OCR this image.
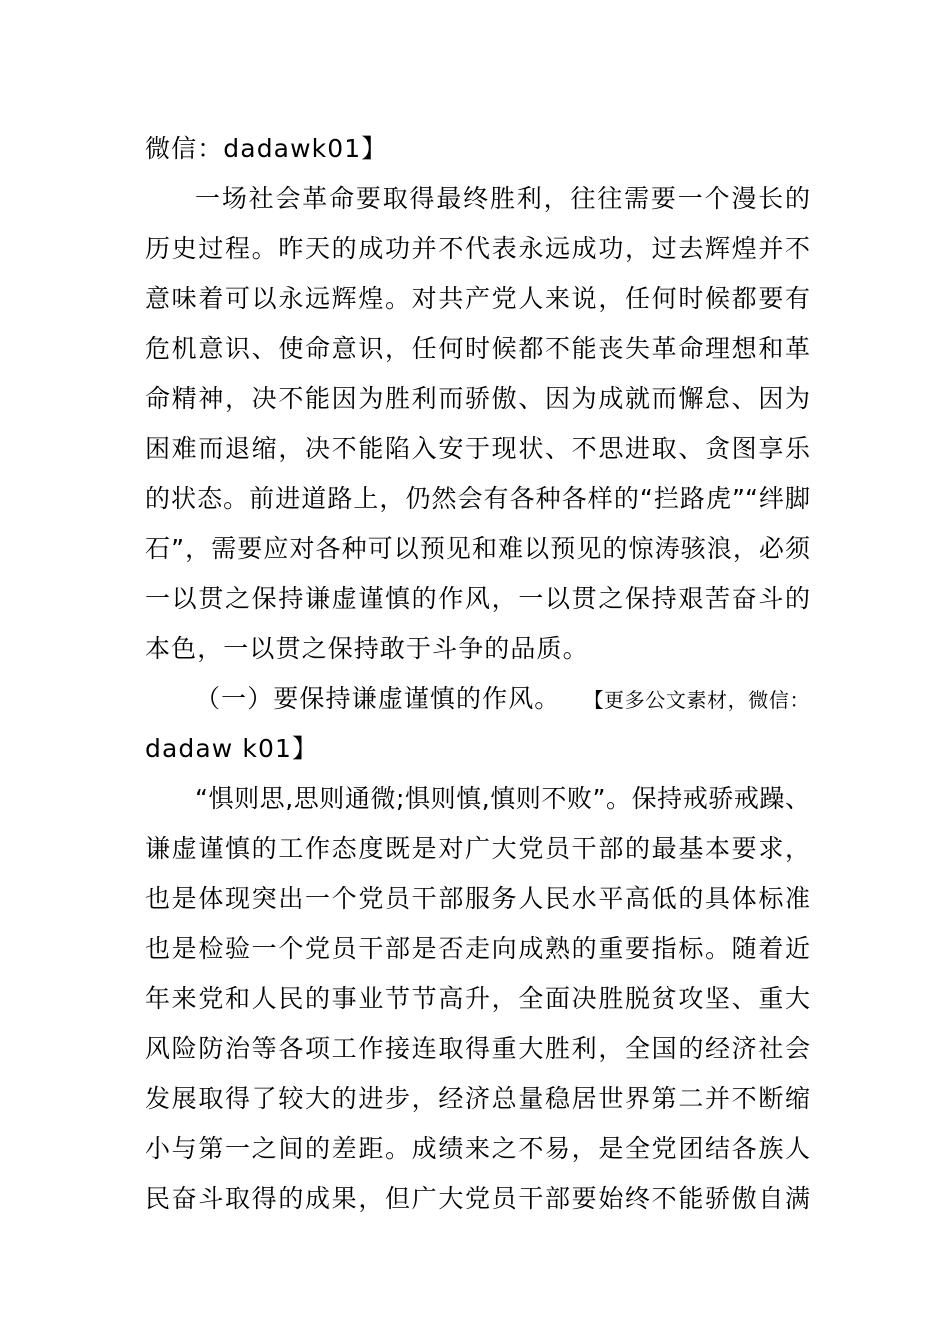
微信：dadawk01】
一场社会革命要取得最终胜利，往往需要一个漫长的
历史过程。昨天的成功并不代表永远成功，过去辉煌并不
意味着可以永远辉煌。对共产党人来说，任何时候都要有
危机意识、使命意识，任何时候都不能丧失革命理想和革
命精神，决不能因为胜利而骄傲、因为成就而懈怠、因为
困难而退缩，决不能陷入安于现状、不思进取、贪图享乐
的状态。前进道路上，仍然会有各种各样的“拦路虎”“绊脚
石”，需要应对各种可以预见和难以预见的惊涛骇浪，必须
一以贯之保持谦虚谨慎的作风，一以贯之保持艰苦奋斗的
本色，一以贯之保持敢于斗争的品质。
（一）要保持谦虚谨慎的作风。 【更多公文素材，微信：
dadaw k01】
“惧则思,思则通微;惧则慎,慎则不败”。保持戒骄戒躁、
谦虚谨慎的工作态度既是对广大党员干部的最基本要求，
也是体现突出一个党员干部服务人民水平高低的具体标准
也是检验一个党员干部是否走向成熟的重要指标。随着近
年来党和人民的事业节节高升，全面决胜脱贫攻坚、重大
风险防治等各项工作接连取得重大胜利，全国的经济社会
发展取得了较大的进步，经济总量稳居世界第二并不断缩
小与第一之间的差距。成绩来之不易，是全党团结各族人
民奋斗取得的成果，但广大党员干部要始终不能骄傲自满
